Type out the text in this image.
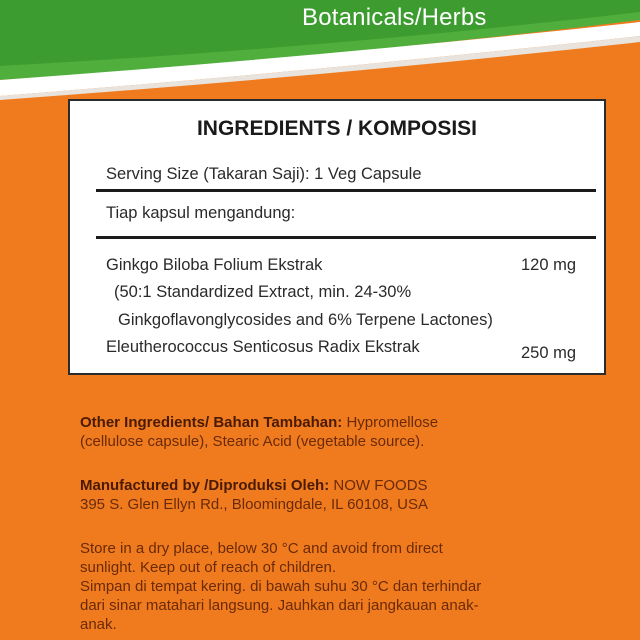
Botanicals/Herbs
INGREDIENTS / KOMPOSISI
Serving Size (Takaran Saji): 1 Veg Capsule
Tiap kapsul mengandung:
Ginkgo Biloba Folium Ekstrak	120 mg
(50:1 Standardized Extract, min. 24-30%
Ginkgoflavonglycosides and 6% Terpene Lactones)
Eleutherococcus Senticosus Radix Ekstrak	250 mg
Other Ingredients/ Bahan Tambahan: Hypromellose
(cellulose capsule), Stearic Acid (vegetable source).
Manufactured by /Diproduksi Oleh: NOW FOODS
395 S. Glen Ellyn Rd., Bloomingdale, IL 60108, USA
Store in a dry place, below 30 °C and avoid from direct
sunlight. Keep out of reach of children.
Simpan di tempat kering. di bawah suhu 30 °C dan terhindar
dari sinar matahari langsung. Jauhkan dari jangkauan anak-
anak.
